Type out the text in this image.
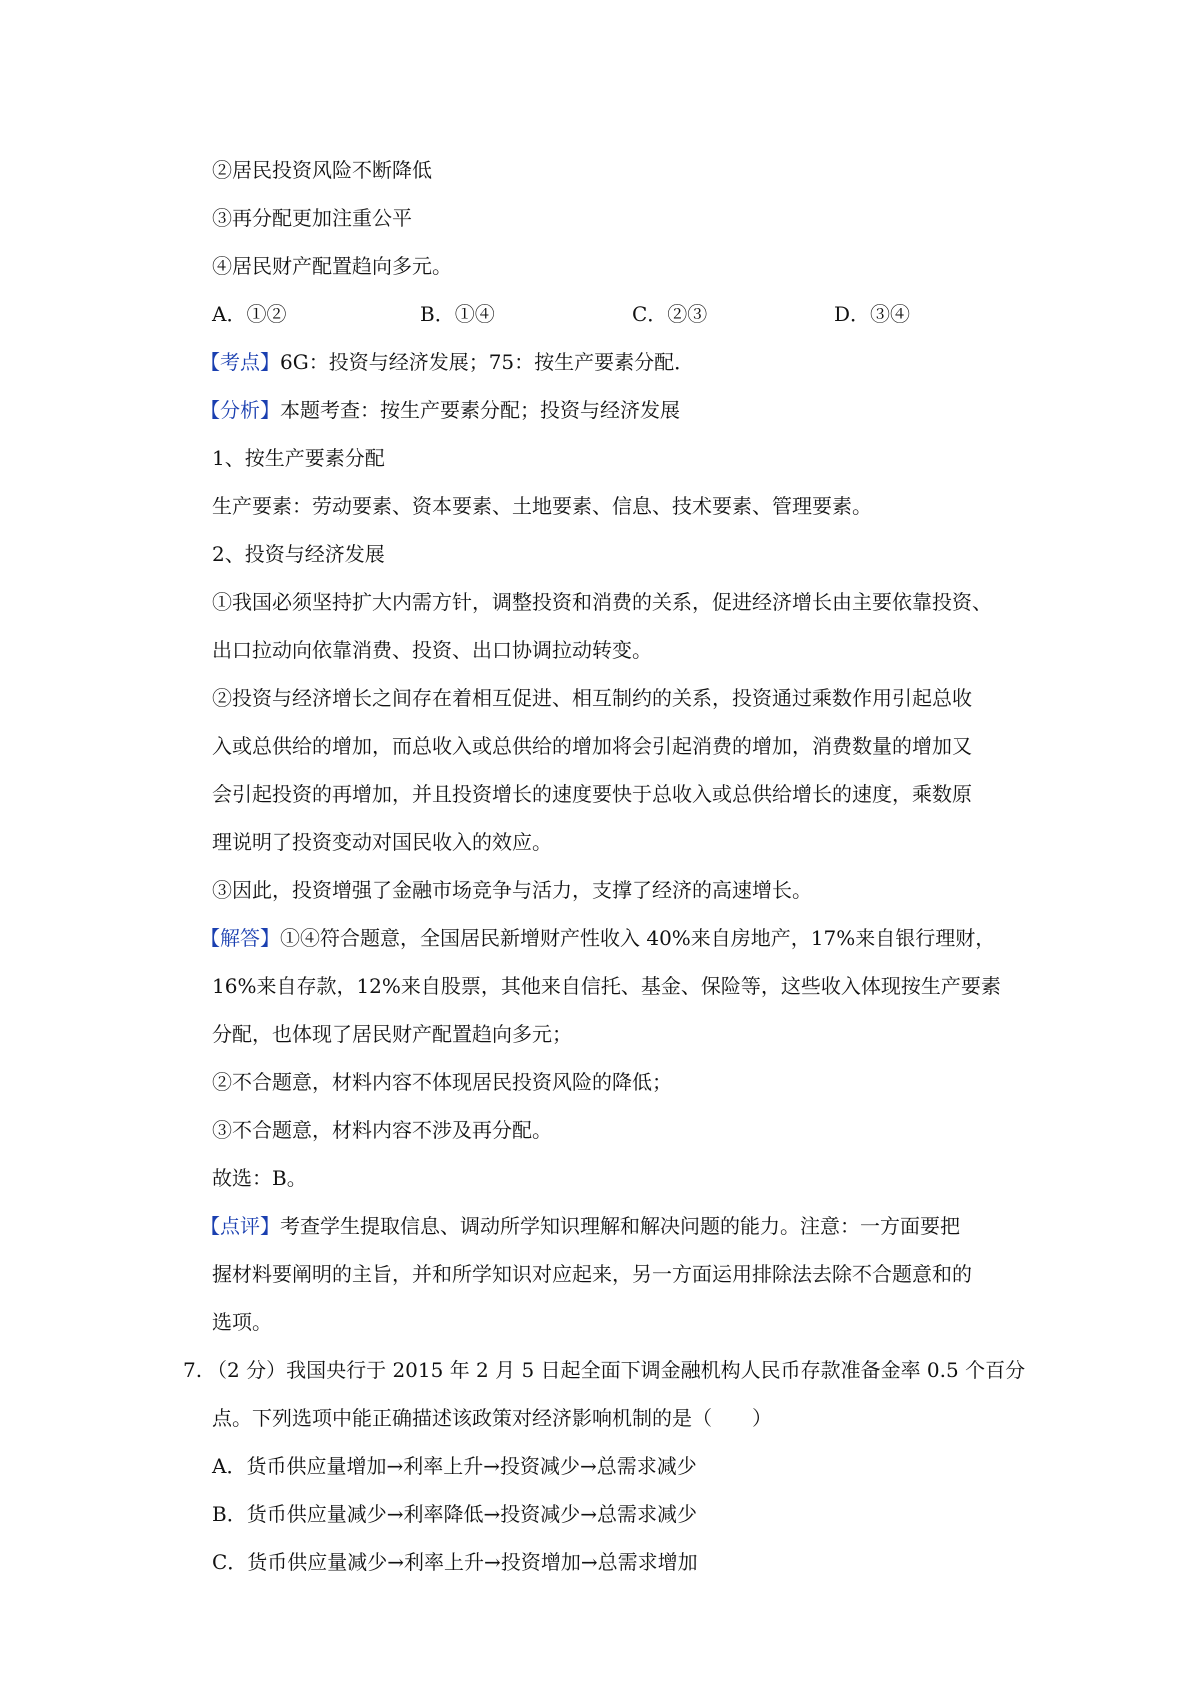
②居民投资风险不断降低
③再分配更加注重公平
④居民财产配置趋向多元。
A．①②	B．①④	C．②③	D．③④
【考点】6G：投资与经济发展；75：按生产要素分配．
【分析】本题考查：按生产要素分配；投资与经济发展
1、按生产要素分配
生产要素：劳动要素、资本要素、土地要素、信息、技术要素、管理要素。
2、投资与经济发展
①我国必须坚持扩大内需方针，调整投资和消费的关系，促进经济增长由主要依靠投资、
出口拉动向依靠消费、投资、出口协调拉动转变。
②投资与经济增长之间存在着相互促进、相互制约的关系，投资通过乘数作用引起总收
入或总供给的增加，而总收入或总供给的增加将会引起消费的增加，消费数量的增加又
会引起投资的再增加，并且投资增长的速度要快于总收入或总供给增长的速度，乘数原
理说明了投资变动对国民收入的效应。
③因此，投资增强了金融市场竞争与活力，支撑了经济的高速增长。
【解答】①④符合题意，全国居民新增财产性收入 40%来自房地产，17%来自银行理财，
16%来自存款，12%来自股票，其他来自信托、基金、保险等，这些收入体现按生产要素
分配，也体现了居民财产配置趋向多元；
②不合题意，材料内容不体现居民投资风险的降低；
③不合题意，材料内容不涉及再分配。
故选：B。
【点评】考查学生提取信息、调动所学知识理解和解决问题的能力。注意：一方面要把
握材料要阐明的主旨，并和所学知识对应起来，另一方面运用排除法去除不合题意和的
选项。
7. （2 分）我国央行于 2015 年 2 月 5 日起全面下调金融机构人民币存款准备金率 0.5 个百分
点。下列选项中能正确描述该政策对经济影响机制的是（　　）
A．货币供应量增加→利率上升→投资减少→总需求减少
B．货币供应量减少→利率降低→投资减少→总需求减少
C．货币供应量减少→利率上升→投资增加→总需求增加
